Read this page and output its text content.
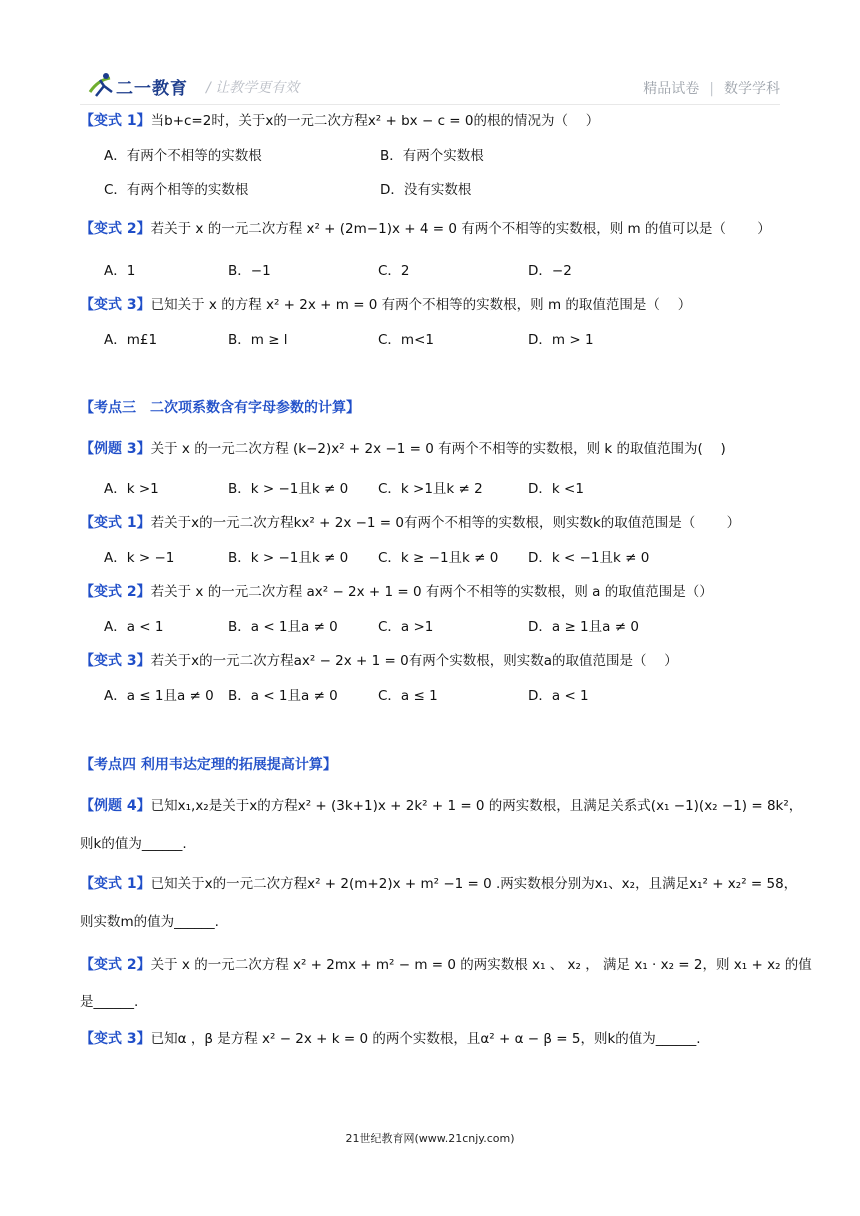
二一教育 / 让教学更有效	精品试卷 | 数学学科
【变式 1】当b+c=2时，关于x的一元二次方程x² + bx − c = 0的根的情况为（　 ）
A．有两个不相等的实数根	B．有两个实数根
C．有两个相等的实数根	D．没有实数根
【变式 2】若关于 x 的一元二次方程 x² + (2m−1)x + 4 = 0 有两个不相等的实数根，则 m 的值可以是（　　 ）
A．1	B．−1	C．2	D．−2
【变式 3】已知关于 x 的方程 x² + 2x + m = 0 有两个不相等的实数根，则 m 的取值范围是（　 ）
A．m£1	B．m ≥ l	C．m<1	D．m > 1
【考点三　二次项系数含有字母参数的计算】
【例题 3】关于 x 的一元二次方程 (k−2)x² + 2x −1 = 0 有两个不相等的实数根，则 k 的取值范围为(　 )
A．k >1	B．k > −1且k ≠ 0 C．k >1且k ≠ 2	D．k <1
【变式 1】若关于x的一元二次方程kx² + 2x −1 = 0有两个不相等的实数根，则实数k的取值范围是（　　 ）
A．k > −1	B．k > −1且k ≠ 0 C．k ≥ −1且k ≠ 0 D．k < −1且k ≠ 0
【变式 2】若关于 x 的一元二次方程 ax² − 2x + 1 = 0 有两个不相等的实数根，则 a 的取值范围是（）
A．a < 1	B．a < 1且a ≠ 0	C．a >1	D．a ≥ 1且a ≠ 0
【变式 3】若关于x的一元二次方程ax² − 2x + 1 = 0有两个实数根，则实数a的取值范围是（　 ）
A．a ≤ 1且a ≠ 0 B．a < 1且a ≠ 0	C．a ≤ 1	D．a < 1
【考点四 利用韦达定理的拓展提高计算】
【例题 4】已知x₁,x₂是关于x的方程x² + (3k+1)x + 2k² + 1 = 0 的两实数根，且满足关系式(x₁ −1)(x₂ −1) = 8k²，
则k的值为______.
【变式 1】已知关于x的一元二次方程x² + 2(m+2)x + m² −1 = 0 .两实数根分别为x₁、x₂，且满足x₁² + x₂² = 58，
则实数m的值为______.
【变式 2】关于 x 的一元二次方程 x² + 2mx + m² − m = 0 的两实数根 x₁ 、 x₂ ， 满足 x₁ · x₂ = 2，则 x₁ + x₂ 的值
是______.
【变式 3】已知α ，β 是方程 x² − 2x + k = 0 的两个实数根，且α² + α − β = 5，则k的值为______.
21世纪教育网(www.21cnjy.com)
